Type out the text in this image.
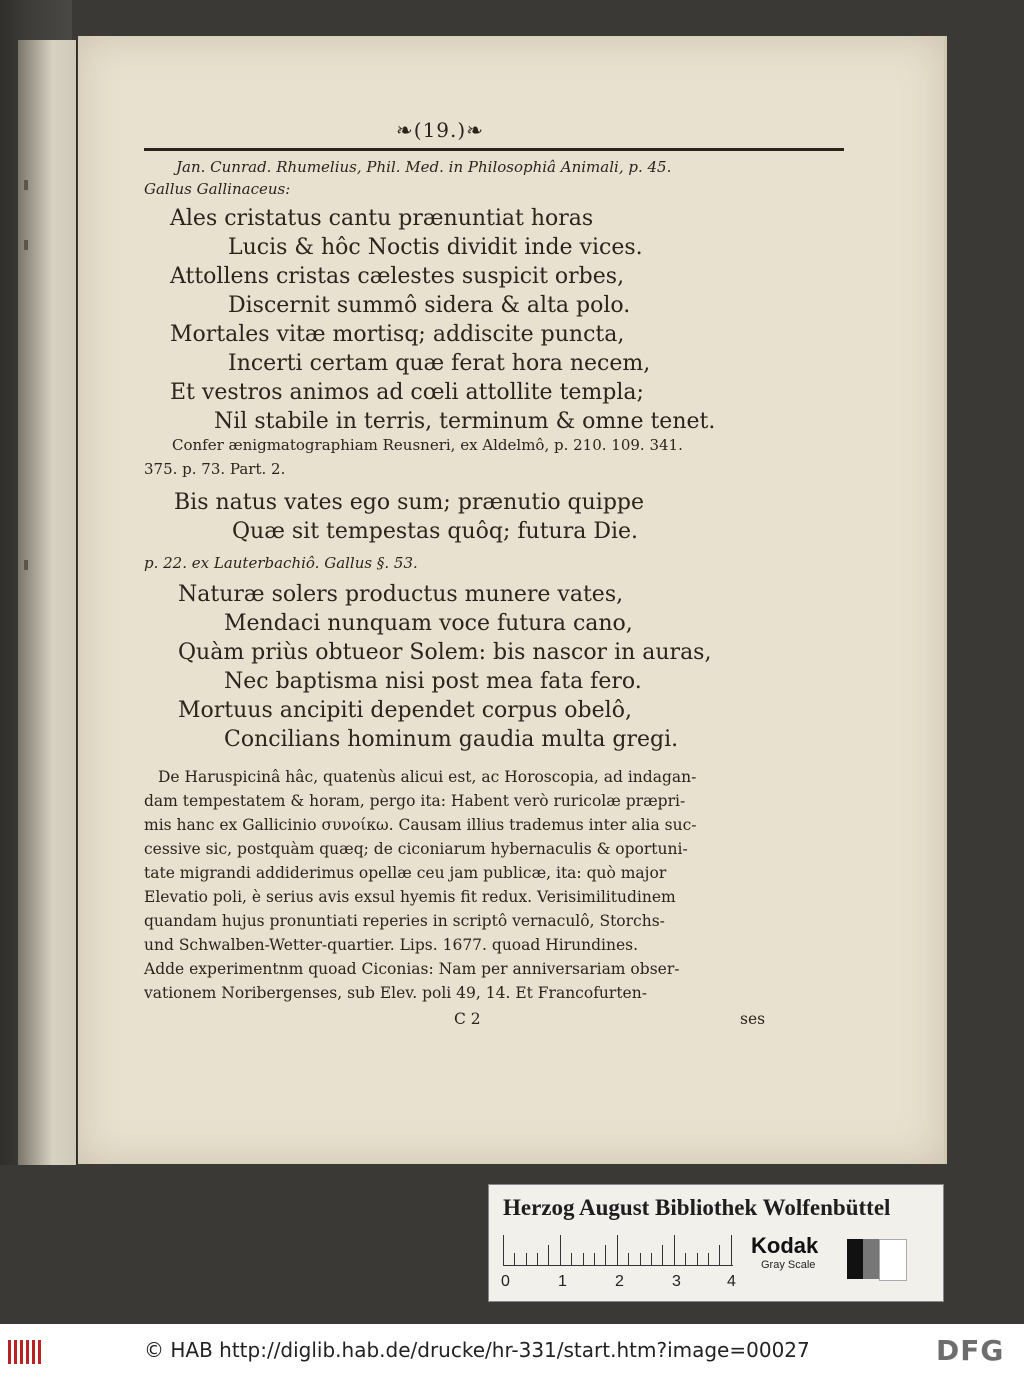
❧(19.)❧
Jan. Cunrad. Rhumelius, Phil. Med. in Philosophiâ Animali, p. 45.
Gallus Gallinaceus:
Ales cristatus cantu prænuntiat horas
Lucis & hôc Noctis dividit inde vices.
Attollens cristas cælestes suspicit orbes,
Discernit summô sidera & alta polo.
Mortales vitæ mortisq; addiscite puncta,
Incerti certam quæ ferat hora necem,
Et vestros animos ad cœli attollite templa;
Nil stabile in terris, terminum & omne tenet.
Confer ænigmatographiam Reusneri, ex Aldelmô, p. 210. 109. 341.
375. p. 73. Part. 2.
Bis natus vates ego sum; prænutio quippe
Quæ sit tempestas quôq; futura Die.
p. 22. ex Lauterbachiô. Gallus §. 53.
Naturæ solers productus munere vates,
Mendaci nunquam voce futura cano,
Quàm priùs obtueor Solem: bis nascor in auras,
Nec baptisma nisi post mea fata fero.
Mortuus ancipiti dependet corpus obelô,
Concilians hominum gaudia multa gregi.
De Haruspicinâ hâc, quatenùs alicui est, ac Horoscopia, ad indagan-
dam tempestatem & horam, pergo ita: Habent verò ruricolæ præpri-
mis hanc ex Gallicinio συνοίκω. Causam illius trademus inter alia suc-
cessive sic, postquàm quæq; de ciconiarum hybernaculis & oportuni-
tate migrandi addiderimus opellæ ceu jam publicæ, ita: quò major
Elevatio poli, è serius avis exsul hyemis fit redux. Verisimilitudinem
quandam hujus pronuntiati reperies in scriptô vernaculô, Storchs-
und Schwalben-Wetter-quartier. Lips. 1677. quoad Hirundines.
Adde experimentnm quoad Ciconias: Nam per anniversariam obser-
vationem Noribergenses, sub Elev. poli 49, 14. Et Francofurten-
C 2	ses
Herzog August Bibliothek Wolfenbüttel
0	1	2	3	4
Kodak
Gray Scale
© HAB http://diglib.hab.de/drucke/hr-331/start.htm?image=00027	DFG
